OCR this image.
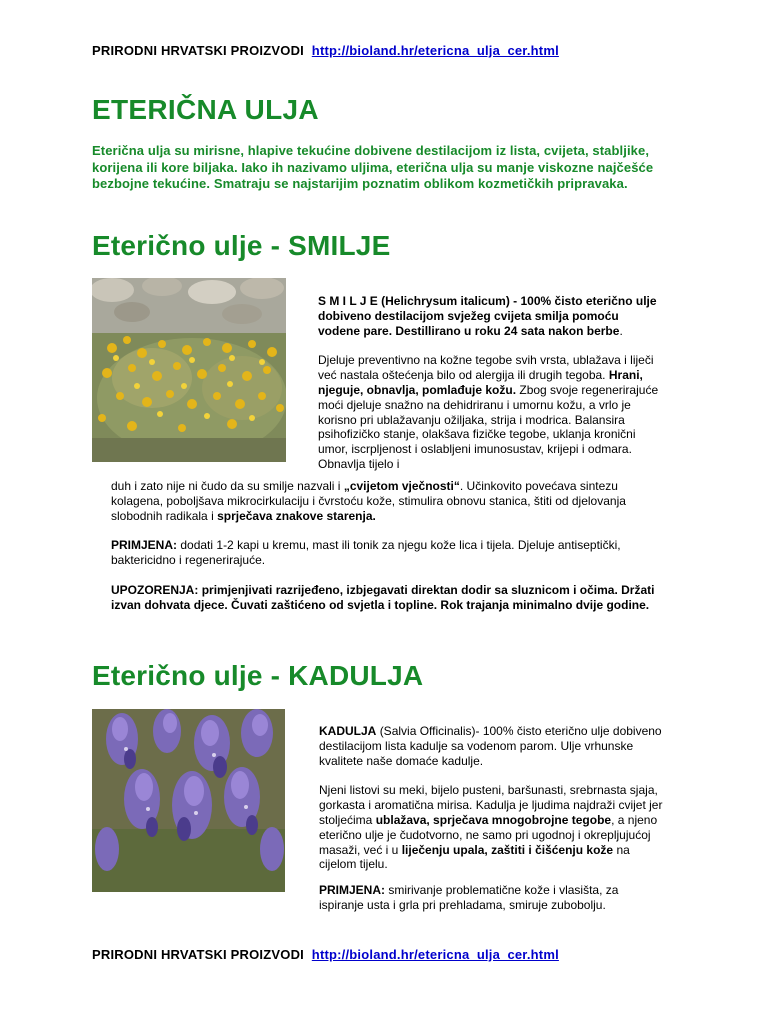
PRIRODNI HRVATSKI PROIZVODI http://bioland.hr/etericna_ulja_cer.html
ETERIČNA ULJA
Eterična ulja su mirisne, hlapive tekućine dobivene destilacijom iz lista, cvijeta, stabljike, korijena ili kore biljaka. Iako ih nazivamo uljima, eterična ulja su manje viskozne najčešće bezbojne tekućine. Smatraju se najstarijim poznatim oblikom kozmetičkih pripravaka.
Eterično ulje - SMILJE

S M I L J E (Helichrysum italicum) - 100% čisto eterično ulje dobiveno destilacijom svježeg cvijeta smilja pomoću vodene pare. Destillirano u roku 24 sata nakon berbe.

Djeluje preventivno na kožne tegobe svih vrsta, ublažava i liječi već nastala oštećenja bilo od alergija ili drugih tegoba. Hrani, njeguje, obnavlja, pomlađuje kožu. Zbog svoje regenerirajuće moći djeluje snažno na dehidriranu i umornu kožu, a vrlo je korisno pri ublažavanju ožiljaka, strija i modrica. Balansira psihofizičko stanje, olakšava fizičke tegobe, uklanja kronični umor, iscrpljenost i oslabljeni imunosustav, krijepi i odmara. Obnavlja tijelo i

duh i zato nije ni čudo da su smilje nazvali i „cvijetom vječnosti“. Učinkovito povećava sintezu kolagena, poboljšava mikrocirkulaciju i čvrstoću kože, stimulira obnovu stanica, štiti od djelovanja slobodnih radikala i sprječava znakove starenja.

PRIMJENA: dodati 1-2 kapi u kremu, mast ili tonik za njegu kože lica i tijela. Djeluje antiseptički, baktericidno i regenerirajuće.

UPOZORENJA: primjenjivati razrijeđeno, izbjegavati direktan dodir sa sluznicom i očima. Držati izvan dohvata djece. Čuvati zaštićeno od svjetla i topline. Rok trajanja minimalno dvije godine.

Eterično ulje - KADULJA

KADULJA (Salvia Officinalis)- 100% čisto eterično ulje dobiveno destilacijom lista kadulje sa vodenom parom. Ulje vrhunske kvalitete naše domaće kadulje.

Njeni listovi su meki, bijelo pusteni, baršunasti, srebrnasta sjaja, gorkasta i aromatična mirisa. Kadulja je ljudima najdraži cvijet jer stoljećima ublažava, sprječava mnogobrojne tegobe, a njeno eterično ulje je čudotvorno, ne samo pri ugodnoj i okrepljujućoj masaži, već i u liječenju upala, zaštiti i čišćenju kože na cijelom tijelu.

PRIMJENA: smirivanje problematične kože i vlasišta, za ispiranje usta i grla pri prehladama, smiruje zubobolju.

PRIRODNI HRVATSKI PROIZVODI http://bioland.hr/etericna_ulja_cer.html
